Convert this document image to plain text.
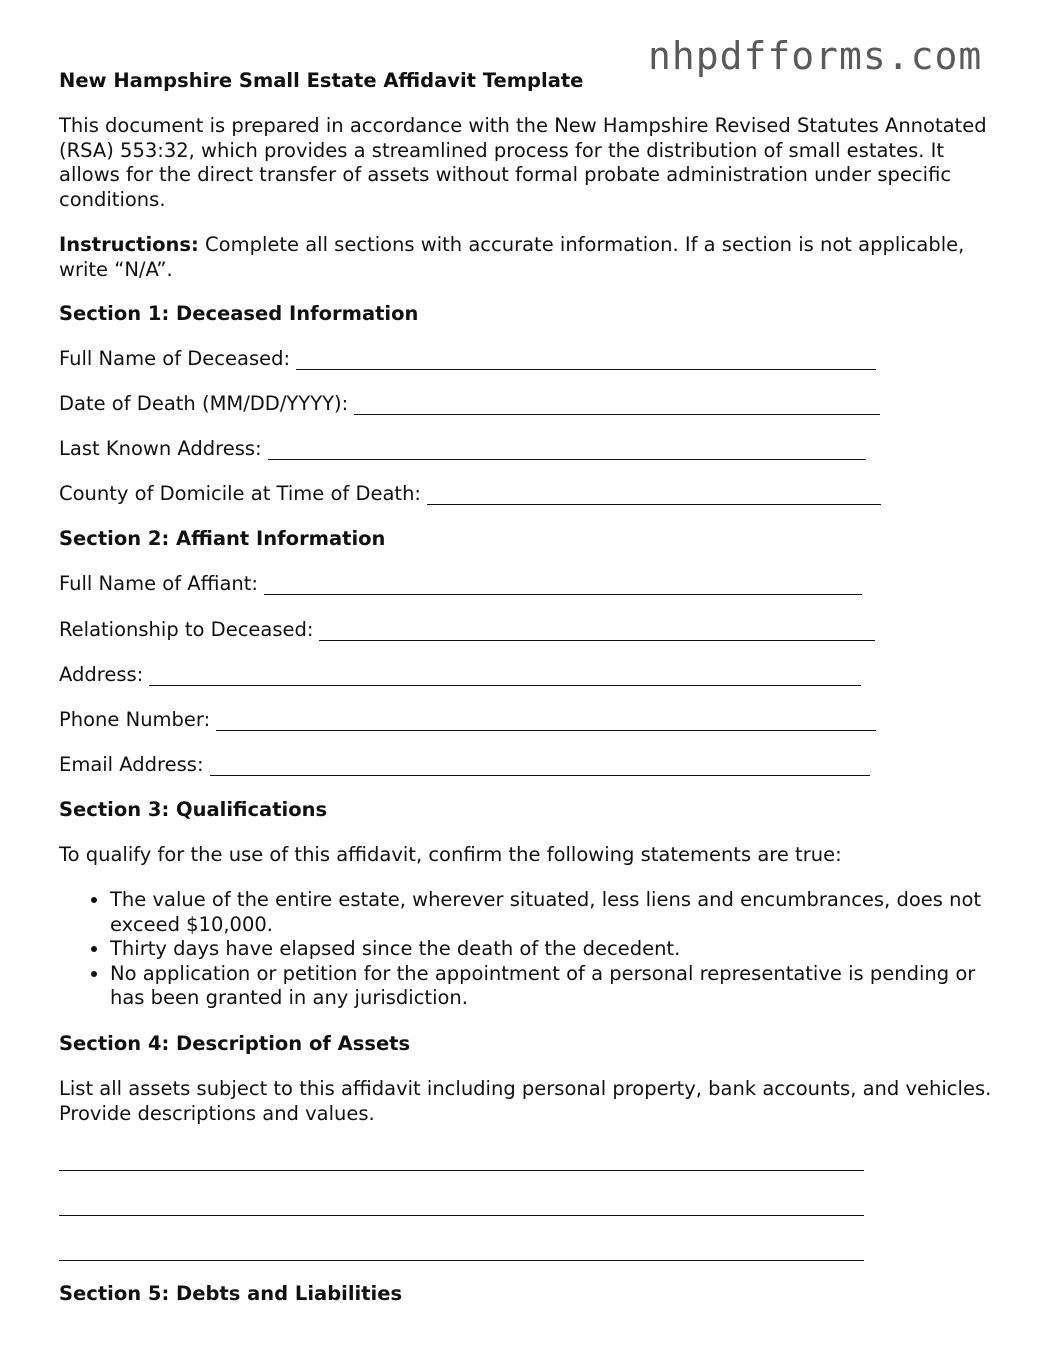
nhpdfforms.com
New Hampshire Small Estate Affidavit Template
This document is prepared in accordance with the New Hampshire Revised Statutes Annotated (RSA) 553:32, which provides a streamlined process for the distribution of small estates. It allows for the direct transfer of assets without formal probate administration under specific conditions.
Instructions: Complete all sections with accurate information. If a section is not applicable, write “N/A”.
Section 1: Deceased Information
Full Name of Deceased:
Date of Death (MM/DD/YYYY):
Last Known Address:
County of Domicile at Time of Death:
Section 2: Affiant Information
Full Name of Affiant:
Relationship to Deceased:
Address:
Phone Number:
Email Address:
Section 3: Qualifications
To qualify for the use of this affidavit, confirm the following statements are true:
• The value of the entire estate, wherever situated, less liens and encumbrances, does not exceed $10,000.
• Thirty days have elapsed since the death of the decedent.
• No application or petition for the appointment of a personal representative is pending or has been granted in any jurisdiction.
Section 4: Description of Assets
List all assets subject to this affidavit including personal property, bank accounts, and vehicles. Provide descriptions and values.
Section 5: Debts and Liabilities
